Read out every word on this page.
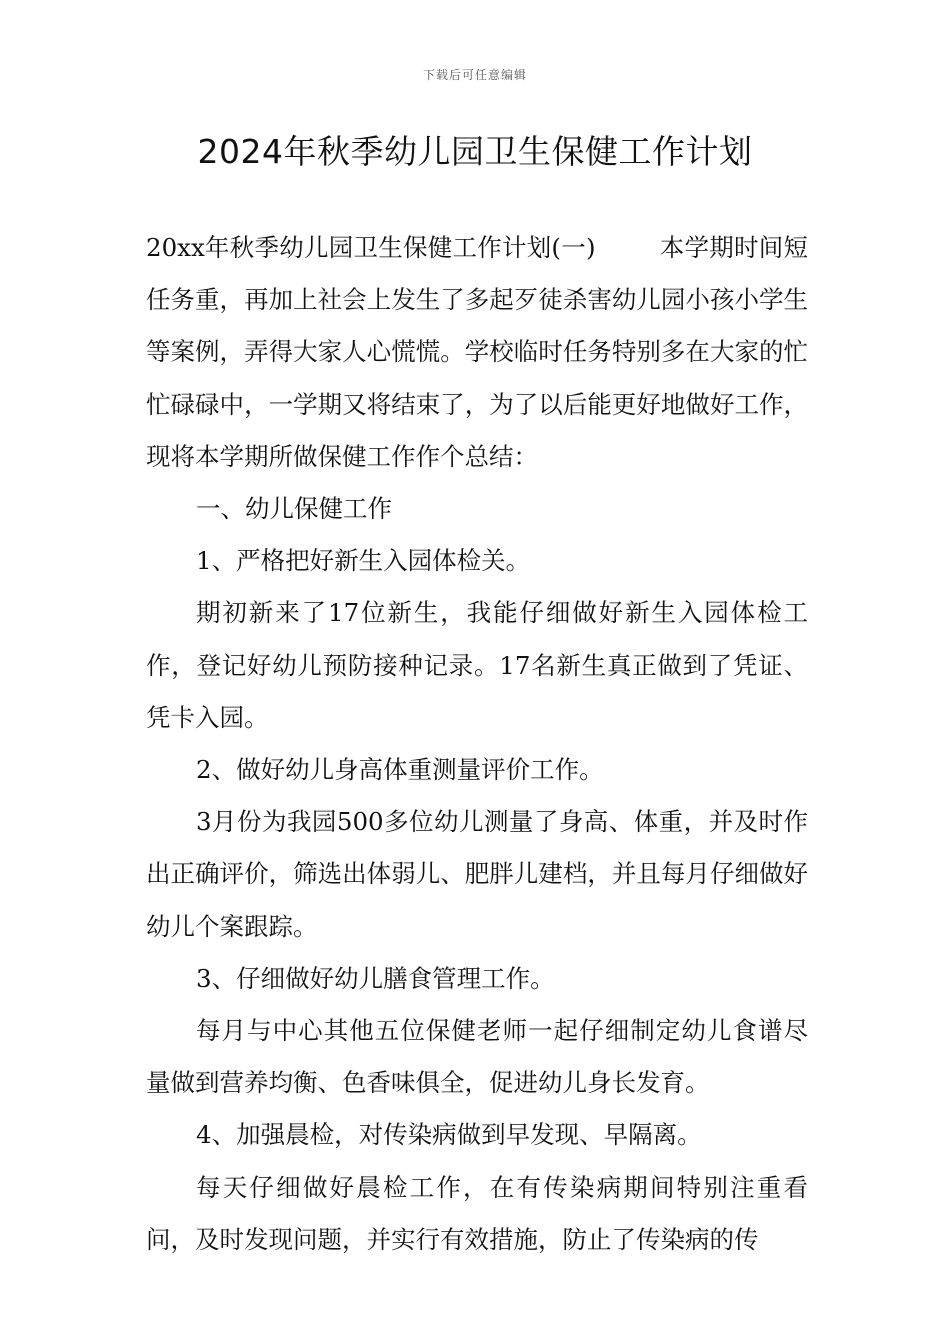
下载后可任意编辑
2024年秋季幼儿园卫生保健工作计划

20xx年秋季幼儿园卫生保健工作计划(一)	本学期时间短任务重，再加上社会上发生了多起歹徒杀害幼儿园小孩小学生等案例，弄得大家人心慌慌。学校临时任务特别多在大家的忙忙碌碌中，一学期又将结束了，为了以后能更好地做好工作，现将本学期所做保健工作作个总结：

一、幼儿保健工作

1、严格把好新生入园体检关。

期初新来了17位新生，我能仔细做好新生入园体检工作，登记好幼儿预防接种记录。17名新生真正做到了凭证、凭卡入园。

2、做好幼儿身高体重测量评价工作。

3月份为我园500多位幼儿测量了身高、体重，并及时作出正确评价，筛选出体弱儿、肥胖儿建档，并且每月仔细做好幼儿个案跟踪。

3、仔细做好幼儿膳食管理工作。

每月与中心其他五位保健老师一起仔细制定幼儿食谱尽量做到营养均衡、色香味俱全，促进幼儿身长发育。

4、加强晨检，对传染病做到早发现、早隔离。

每天仔细做好晨检工作，在有传染病期间特别注重看问，及时发现问题，并实行有效措施，防止了传染病的传
